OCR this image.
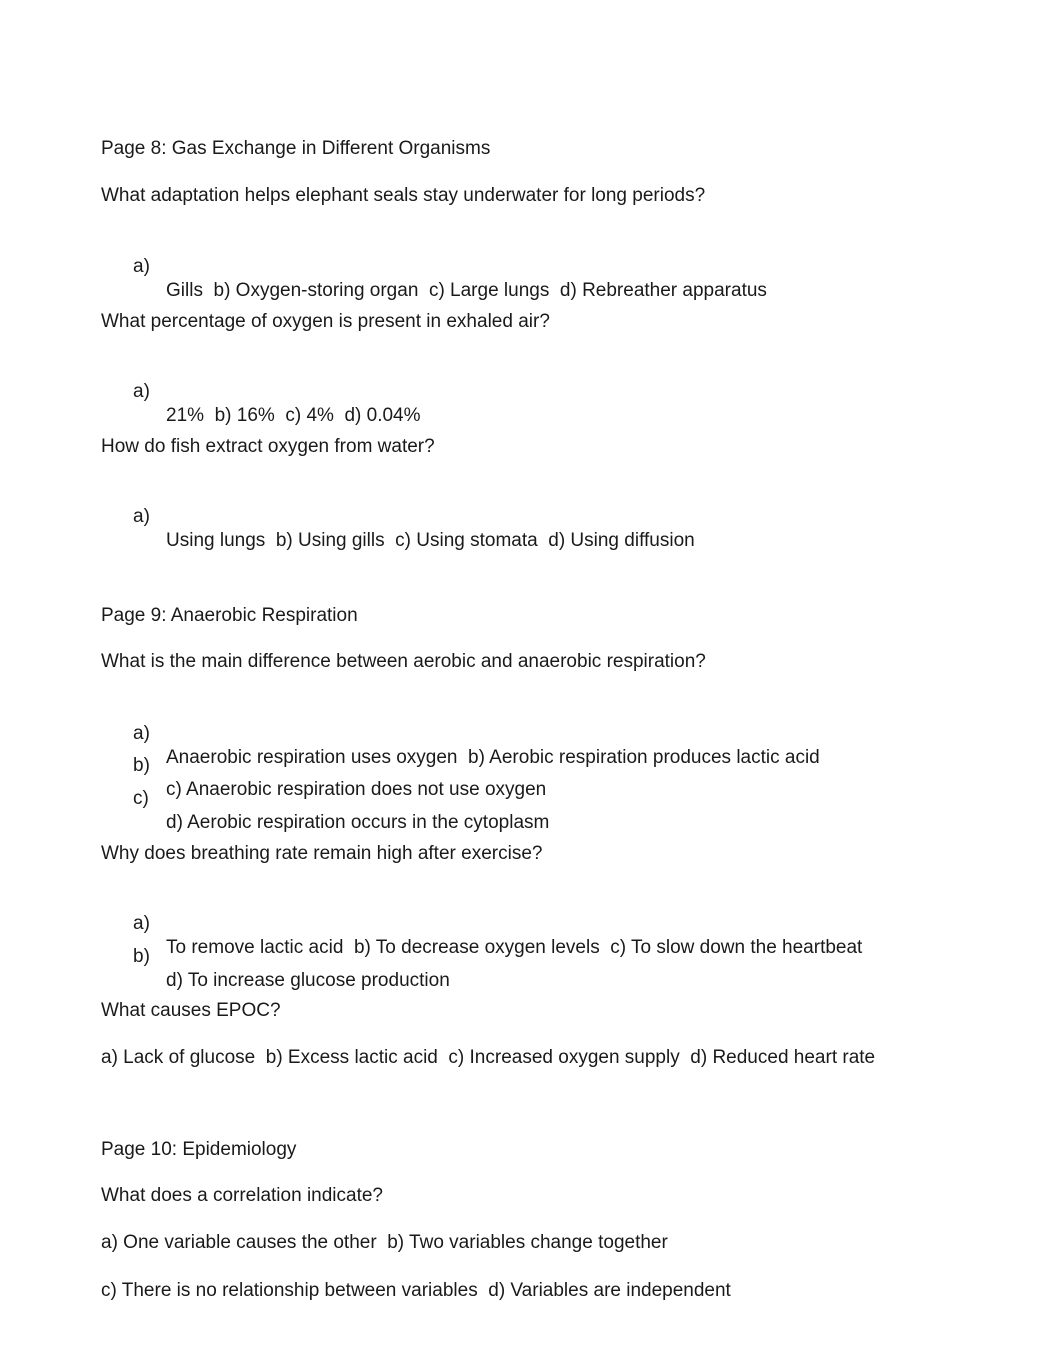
Page 8: Gas Exchange in Different Organisms
What adaptation helps elephant seals stay underwater for long periods?

a)

Gills  b) Oxygen-storing organ  c) Large lungs  d) Rebreather apparatus

What percentage of oxygen is present in exhaled air?

a)

21%  b) 16%  c) 4%  d) 0.04%

How do fish extract oxygen from water?

a)

Using lungs  b) Using gills  c) Using stomata  d) Using diffusion

Page 9: Anaerobic Respiration
What is the main difference between aerobic and anaerobic respiration?

a)

Anaerobic respiration uses oxygen  b) Aerobic respiration produces lactic acid

b)

c) Anaerobic respiration does not use oxygen

c)

d) Aerobic respiration occurs in the cytoplasm

Why does breathing rate remain high after exercise?

a)

To remove lactic acid  b) To decrease oxygen levels  c) To slow down the heartbeat

b)

d) To increase glucose production

What causes EPOC?
a) Lack of glucose  b) Excess lactic acid  c) Increased oxygen supply  d) Reduced heart rate
Page 10: Epidemiology
What does a correlation indicate?
a) One variable causes the other  b) Two variables change together
c) There is no relationship between variables  d) Variables are independent
